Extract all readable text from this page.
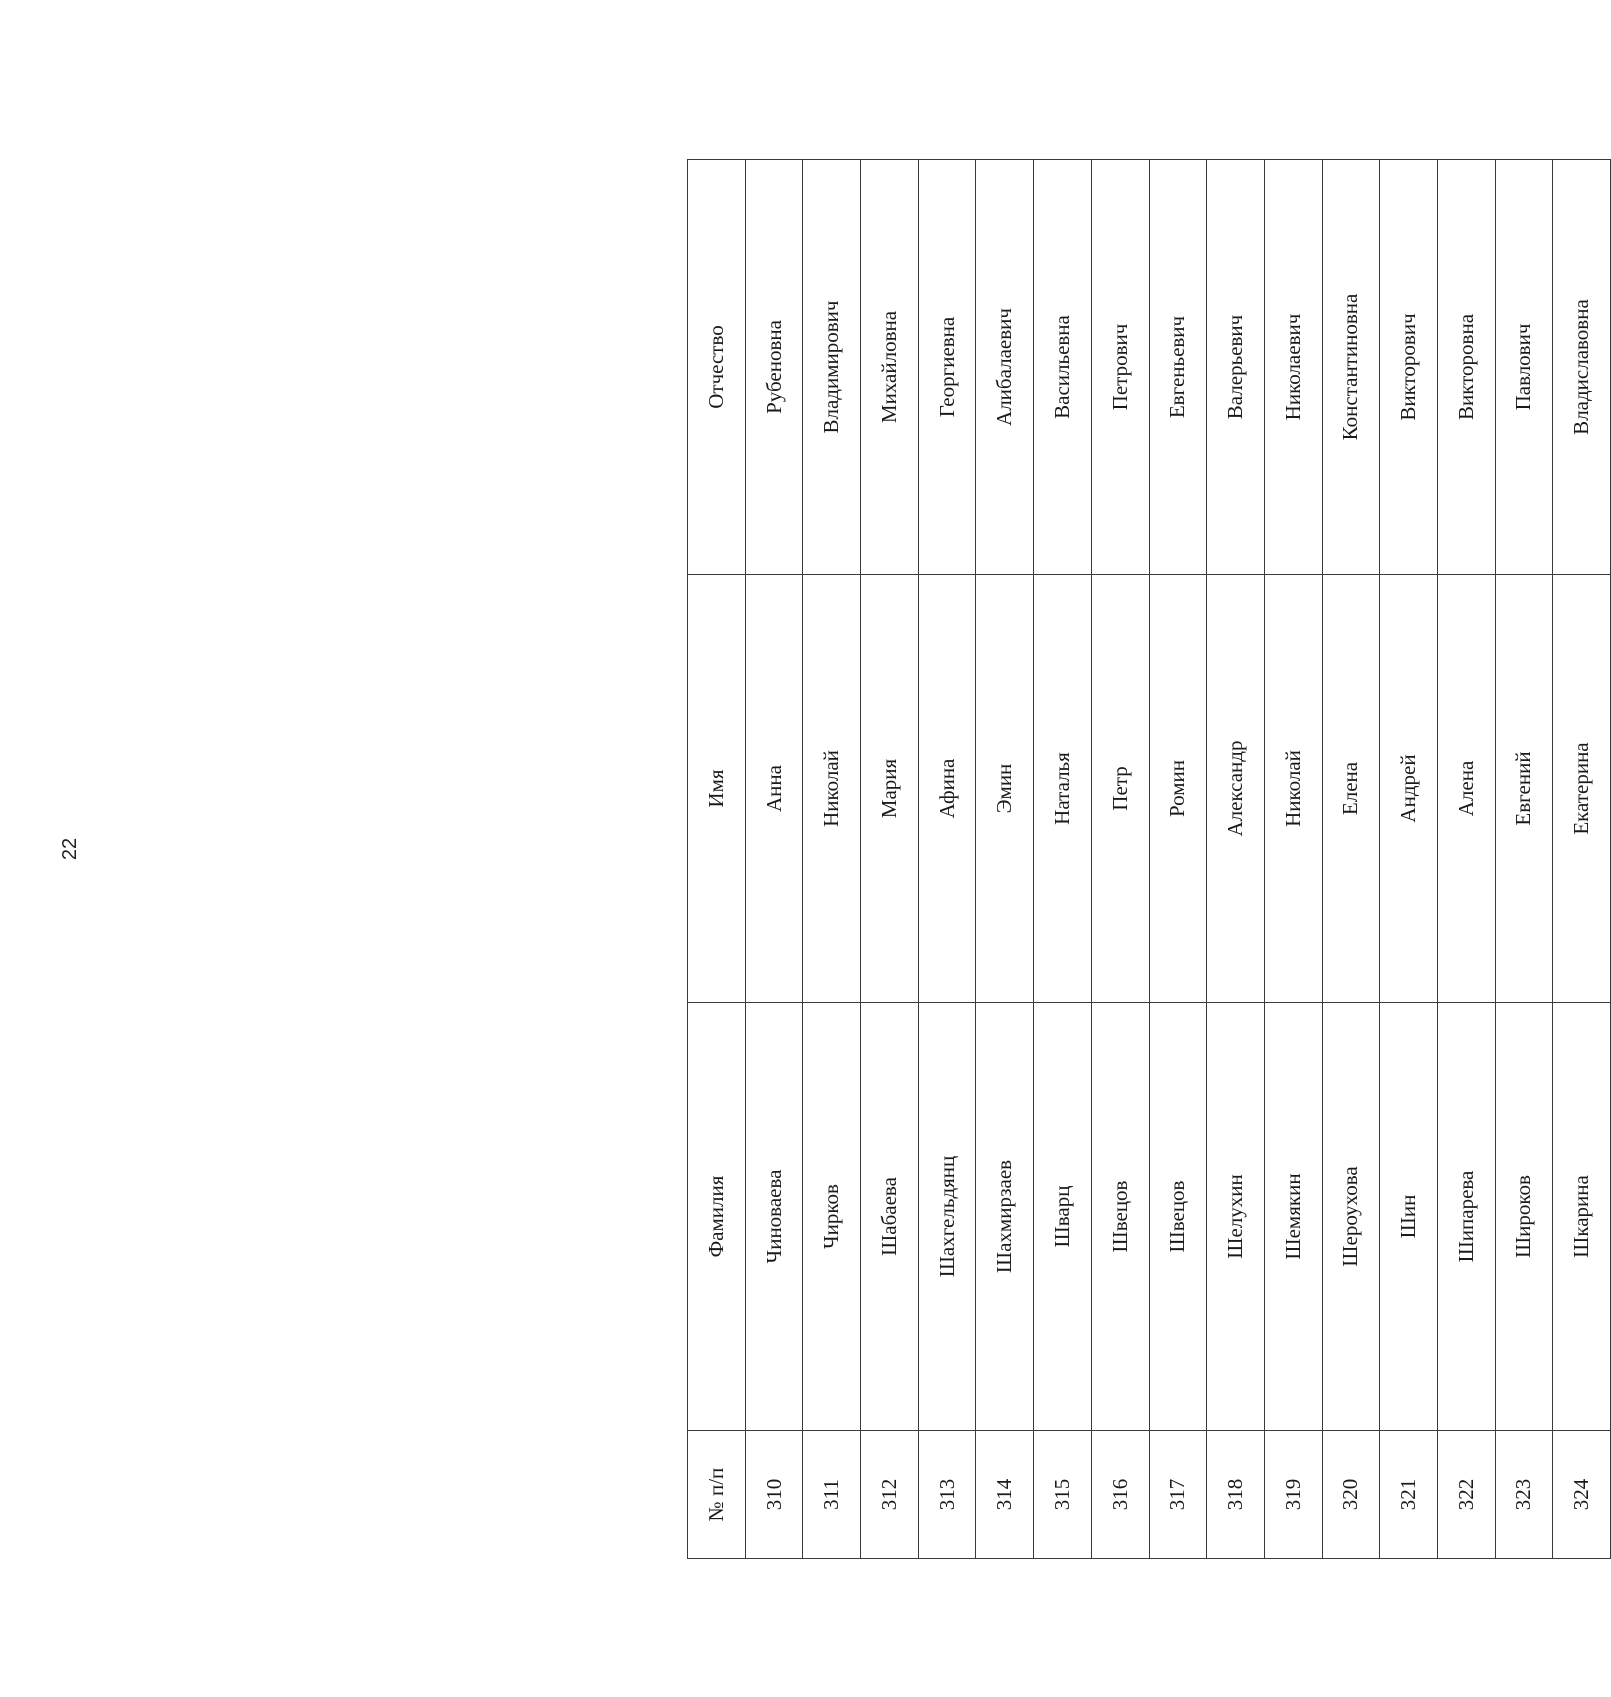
22
№ п/п	Фамилия	Имя	Отчество
310	Чиноваева	Анна	Рубеновна
311	Чирков	Николай	Владимирович
312	Шабаева	Мария	Михайловна
313	Шахгельдянц	Афина	Георгиевна
314	Шахмирзаев	Эмин	Алибалаевич
315	Шварц	Наталья	Васильевна
316	Швецов	Петр	Петрович
317	Швецов	Ромин	Евгеньевич
318	Шелухин	Александр	Валерьевич
319	Шемякин	Николай	Николаевич
320	Шероухова	Елена	Константиновна
321	Шин	Андрей	Викторович
322	Шипарева	Алена	Викторовна
323	Широков	Евгений	Павлович
324	Шкарина	Екатерина	Владиславовна
